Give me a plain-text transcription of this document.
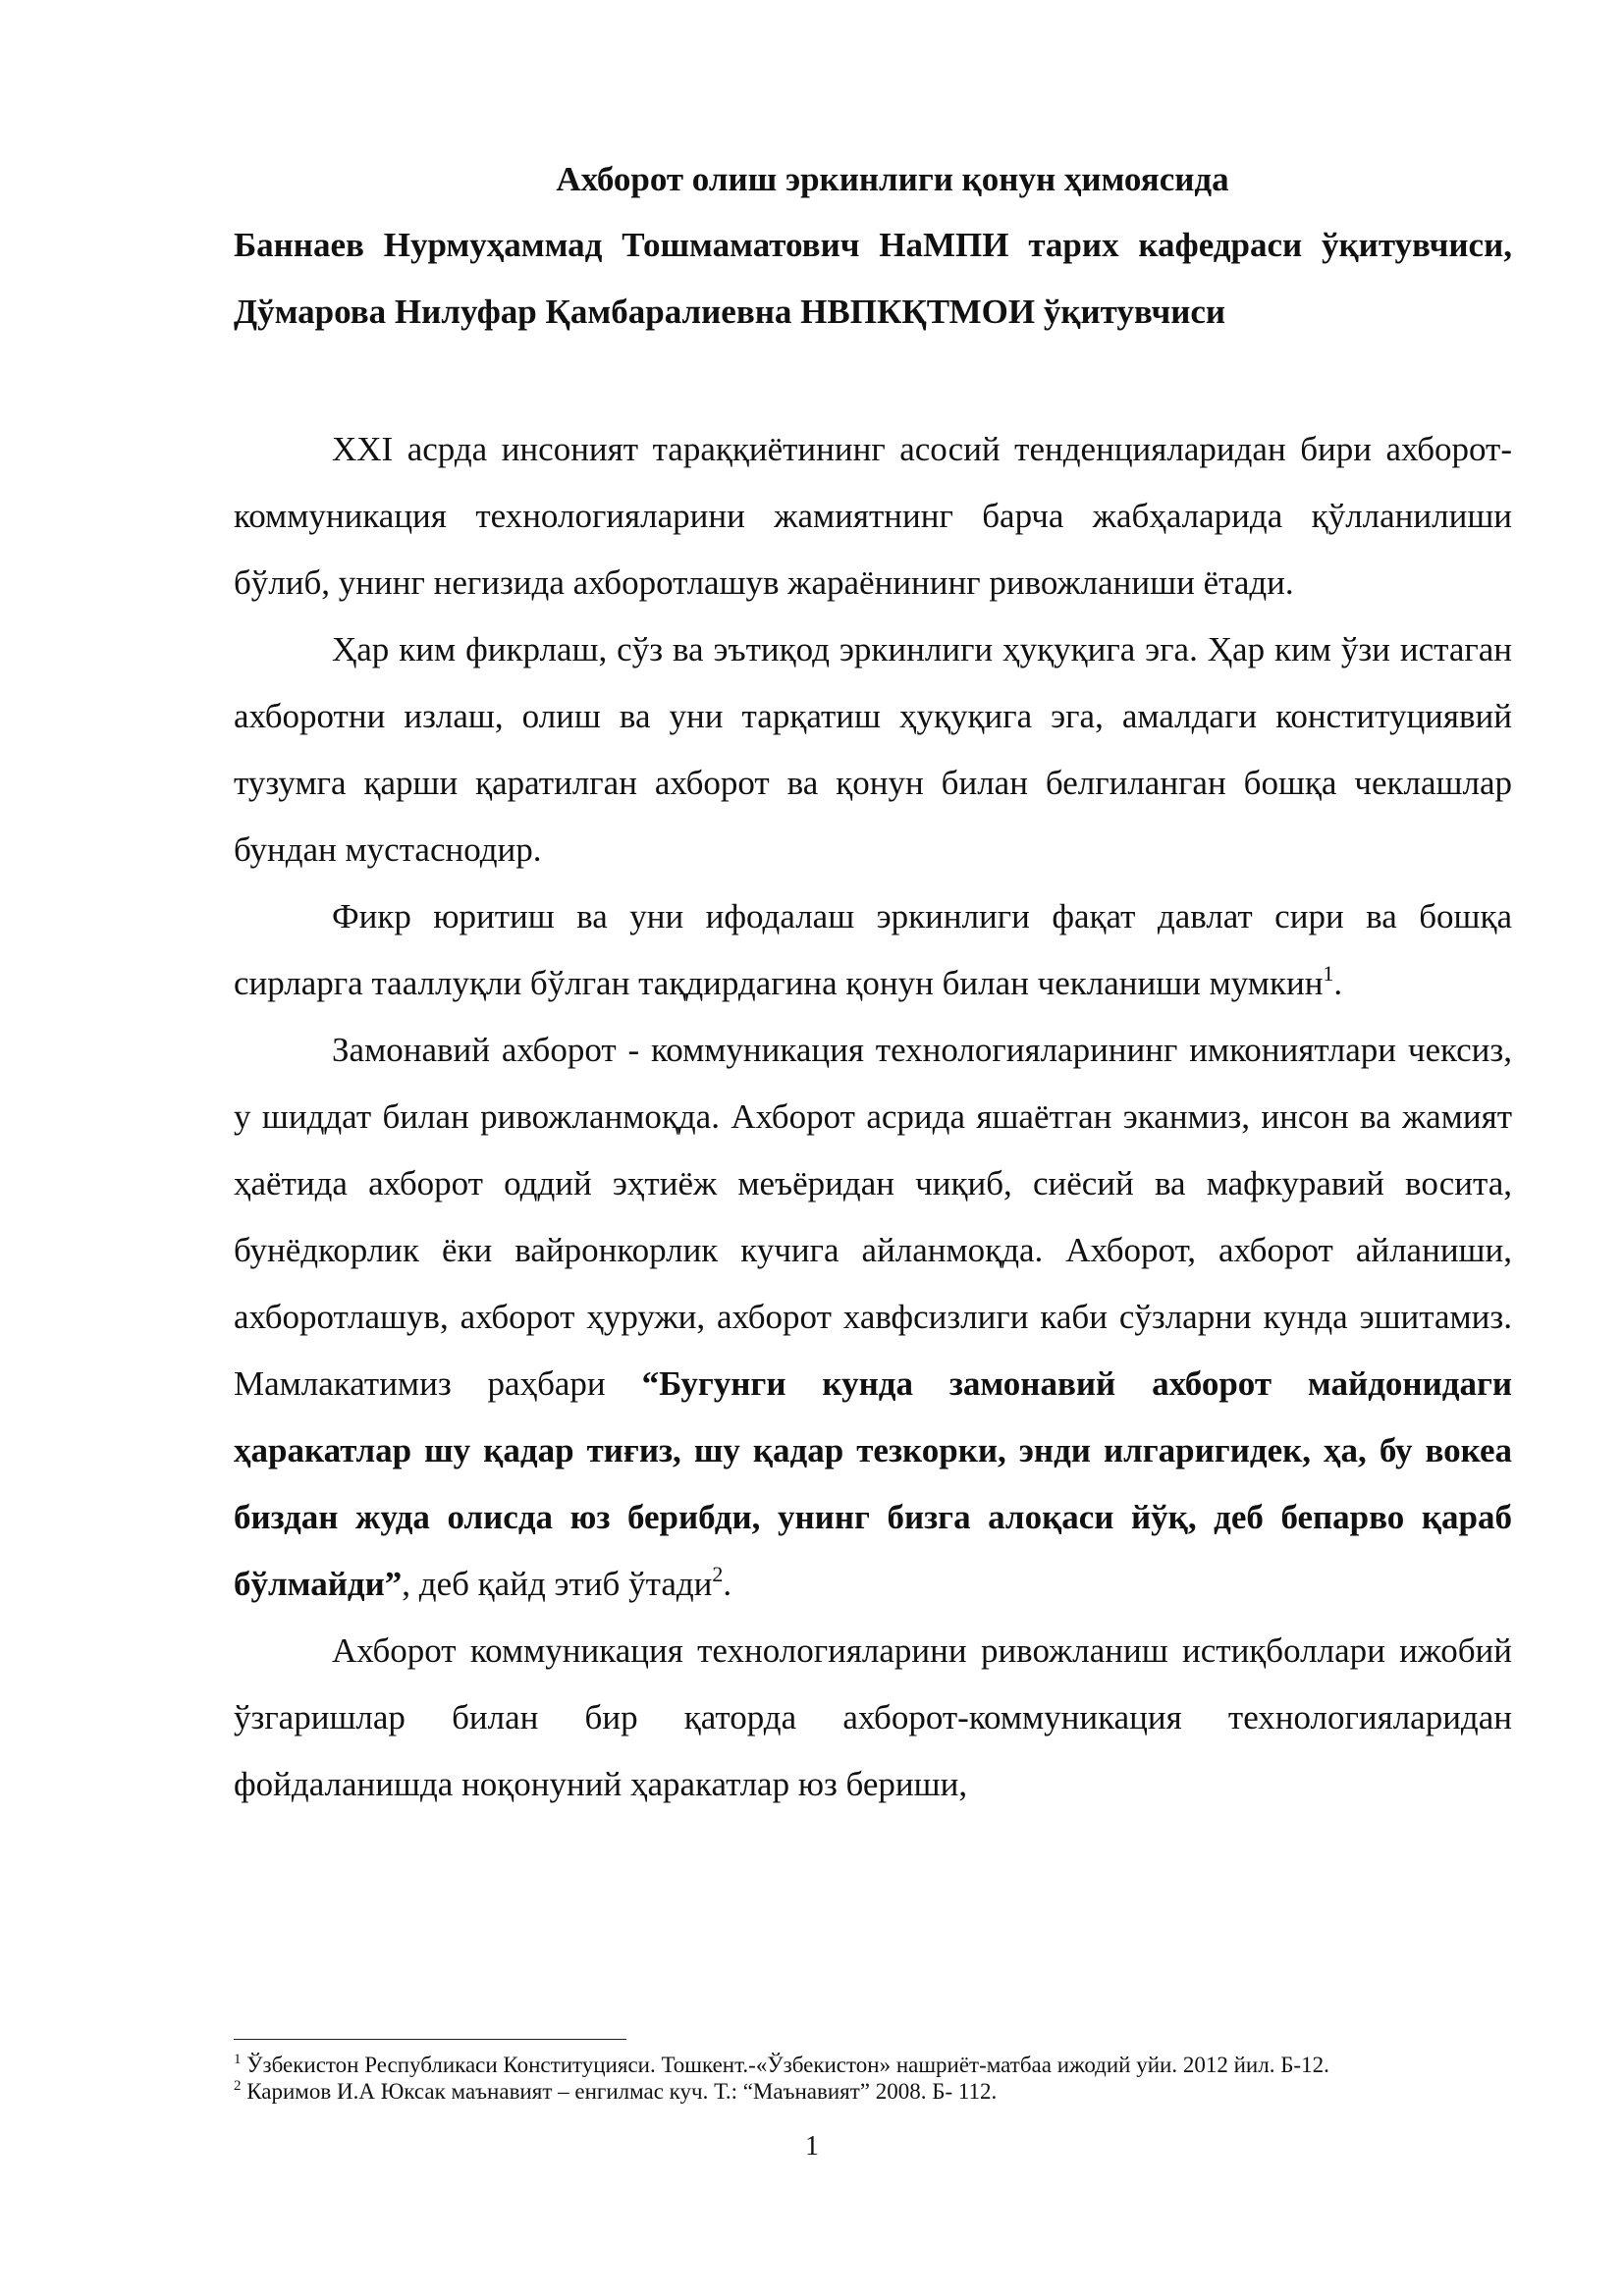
Ахборот олиш эркинлиги қонун ҳимоясида

Баннаев Нурмуҳаммад Тошмаматович НаМПИ тарих кафедраси ўқитувчиси, Дўмарова Нилуфар Қамбаралиевна НВПКҚТМОИ ўқитувчиси

XXI асрда инсоният тараққиётининг асосий тенденцияларидан бири ахборот-коммуникация технологияларини жамиятнинг барча жабҳаларида қўлланилиши бўлиб, унинг негизида ахборотлашув жараёнининг ривожланиши ётади.

Ҳар ким фикрлаш, сўз ва эътиқод эркинлиги ҳуқуқига эга. Ҳар ким ўзи истаган ахборотни излаш, олиш ва уни тарқатиш ҳуқуқига эга, амалдаги конституциявий тузумга қарши қаратилган ахборот ва қонун билан белгиланган бошқа чеклашлар бундан мустаснодир.

Фикр юритиш ва уни ифодалаш эркинлиги фақат давлат сири ва бошқа сирларга тааллуқли бўлган тақдирдагина қонун билан чекланиши мумкин$^1$.

Замонавий ахборот - коммуникация технологияларининг имкониятлари чексиз, у шиддат билан ривожланмоқда. Ахборот асрида яшаётган эканмиз, инсон ва жамият ҳаётида ахборот оддий эҳтиёж меъёридан чиқиб, сиёсий ва мафкуравий восита, бунёдкорлик ёки вайронкорлик кучига айланмоқда. Ахборот, ахборот айланиши, ахборотлашув, ахборот ҳуружи, ахборот хавфсизлиги каби сўзларни кунда эшитамиз. Мамлакатимиз раҳбари “Бугунги кунда замонавий ахборот майдонидаги ҳаракатлар шу қадар тиғиз, шу қадар тезкорки, энди илгаригидек, ҳа, бу вокеа биздан жуда олисда юз берибди, унинг бизга алоқаси йўқ, деб бепарво қараб бўлмайди”, деб қайд этиб ўтади$^2$.

Ахборот коммуникация технологияларини ривожланиш истиқболлари ижобий ўзгаришлар билан бир қаторда ахборот-коммуникация технологияларидан фойдаланишда ноқонуний ҳаракатлар юз бериши,

$^1$ Ўзбекистон Республикаси Конституцияси. Тошкент.-«Ўзбекистон» нашриёт-матбаа ижодий уйи. 2012 йил. Б-12.

$^2$ Каримов И.А Юксак маънавият – енгилмас куч. Т.: “Маънавият” 2008. Б- 112.

1
